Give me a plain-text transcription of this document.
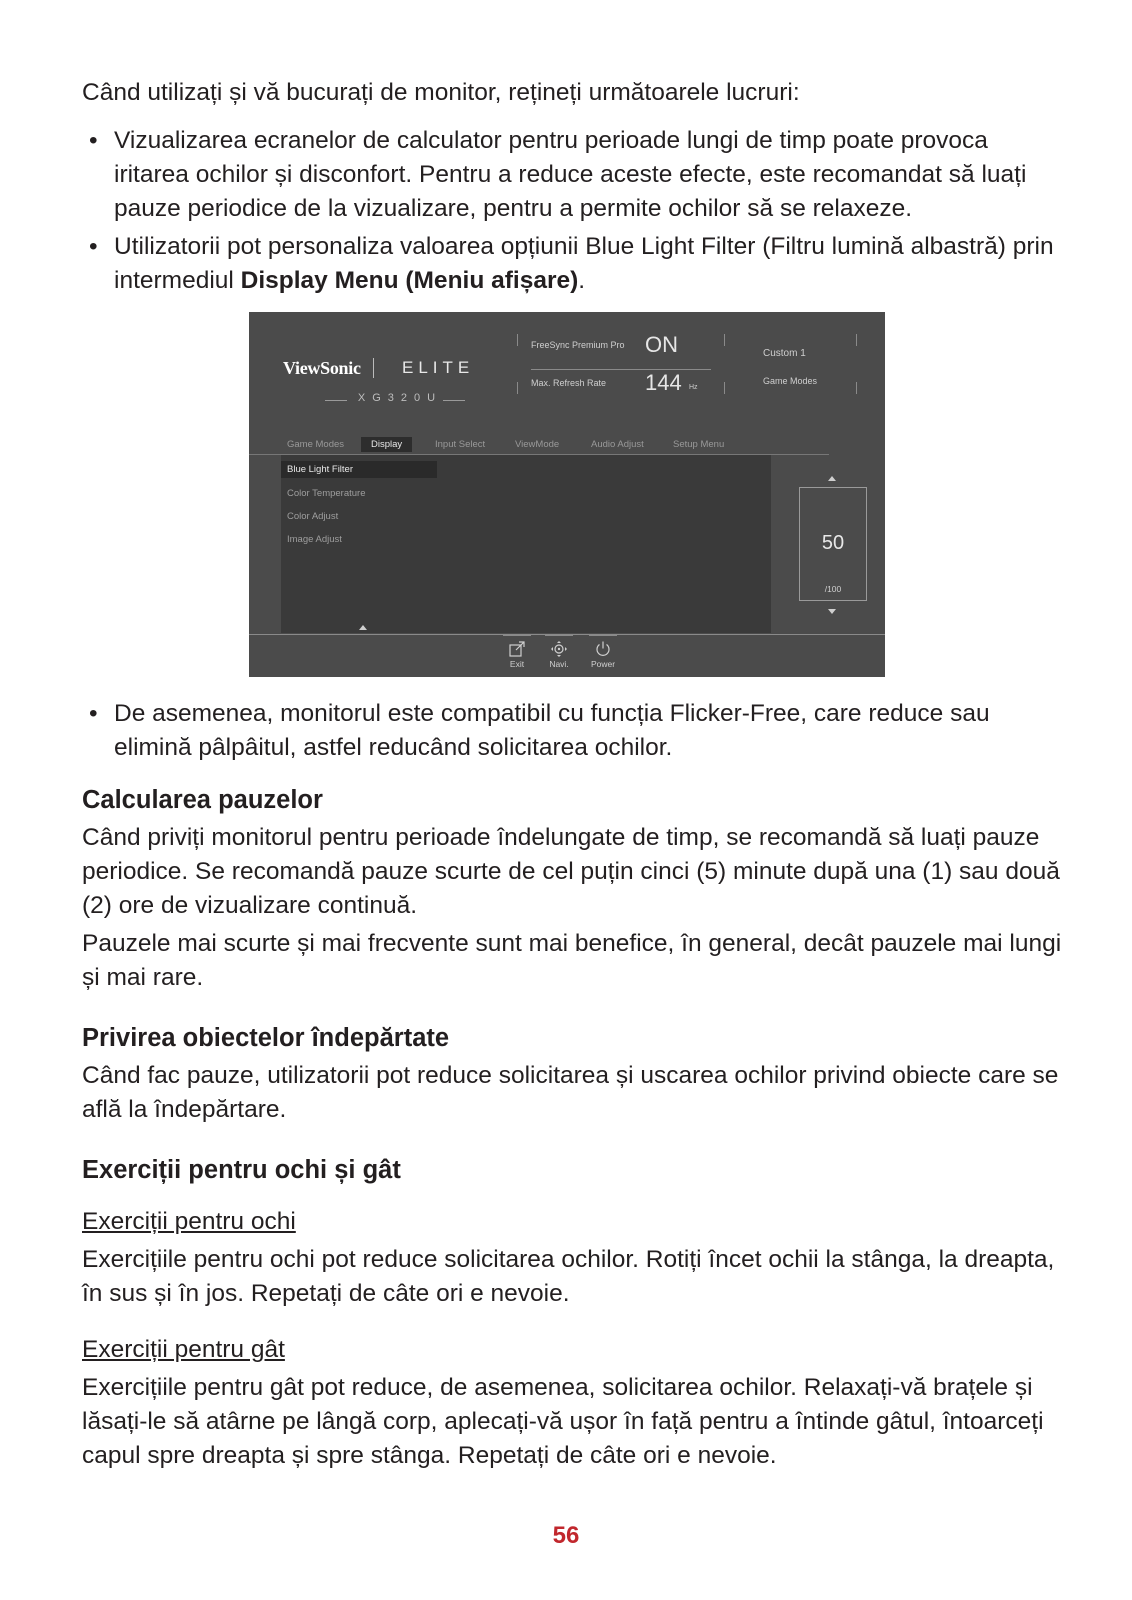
Când utilizați și vă bucurați de monitor, rețineți următoarele lucruri:

• Vizualizarea ecranelor de calculator pentru perioade lungi de timp poate provoca iritarea ochilor și disconfort. Pentru a reduce aceste efecte, este recomandat să luați pauze periodice de la vizualizare, pentru a permite ochilor să se relaxeze.
• Utilizatorii pot personaliza valoarea opțiunii Blue Light Filter (Filtru lumină albastră) prin intermediul Display Menu (Meniu afișare).
• De asemenea, monitorul este compatibil cu funcția Flicker-Free, care reduce sau elimină pâlpâitul, astfel reducând solicitarea ochilor.
Calcularea pauzelor

Când priviți monitorul pentru perioade îndelungate de timp, se recomandă să luați pauze periodice. Se recomandă pauze scurte de cel puțin cinci (5) minute după una (1) sau două (2) ore de vizualizare continuă.

Pauzele mai scurte și mai frecvente sunt mai benefice, în general, decât pauzele mai lungi și mai rare.

Privirea obiectelor îndepărtate

Când fac pauze, utilizatorii pot reduce solicitarea și uscarea ochilor privind obiecte care se află la îndepărtare.

Exerciții pentru ochi și gât

Exerciții pentru ochi

Exercițiile pentru ochi pot reduce solicitarea ochilor. Rotiți încet ochii la stânga, la dreapta, în sus și în jos. Repetați de câte ori e nevoie.

Exerciții pentru gât

Exercițiile pentru gât pot reduce, de asemenea, solicitarea ochilor. Relaxați-vă brațele și lăsați-le să atârne pe lângă corp, aplecați-vă ușor în față pentru a întinde gâtul, întoarceți capul spre dreapta și spre stânga. Repetați de câte ori e nevoie.

ViewSonic ELITE
XG320U
FreeSync Premium Pro ON
Max. Refresh Rate 144 Hz
Custom 1
Game Modes
Game Modes	Display	Input Select	ViewMode	Audio Adjust	Setup Menu
Blue Light Filter
Color Temperature
Color Adjust
Image Adjust	50
/100
Exit	Navi.	Power
56
